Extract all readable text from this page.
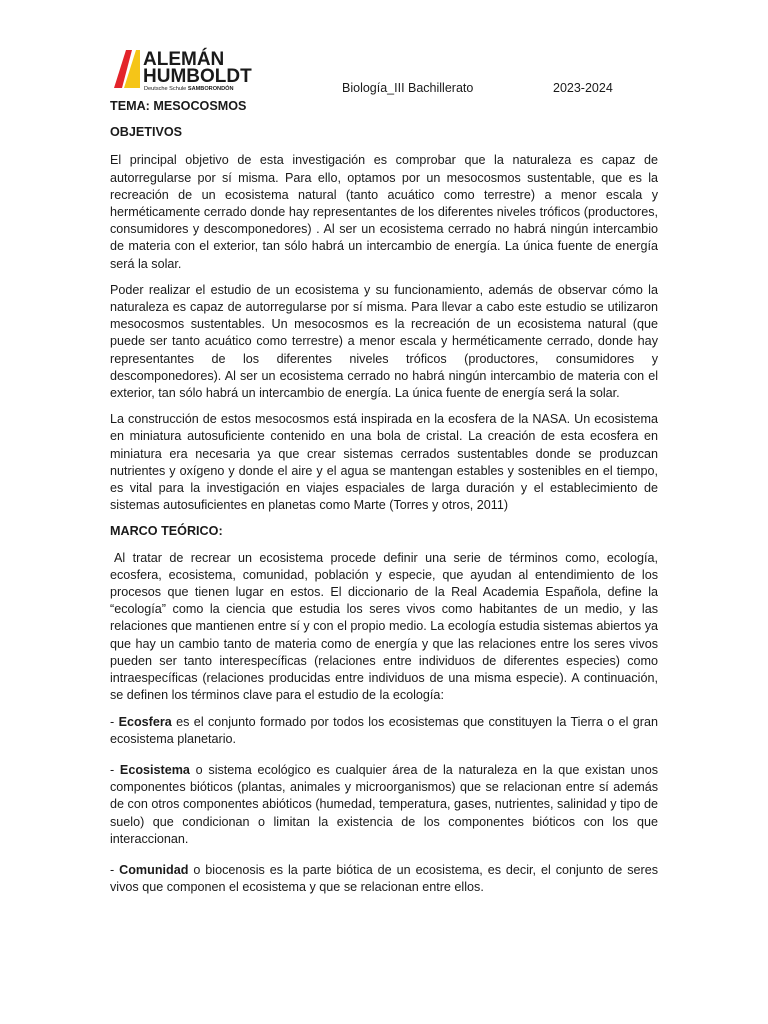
ALEMÁN
HUMBOLDT
Deutsche Schule SAMBORONDÓN	Biología_III Bachillerato	2023-2024
TEMA: MESOCOSMOS
OBJETIVOS

El principal objetivo de esta investigación es comprobar que la naturaleza es capaz de autorregularse por sí misma. Para ello, optamos por un mesocosmos sustentable, que es la recreación de un ecosistema natural (tanto acuático como terrestre) a menor escala y herméticamente cerrado donde hay representantes de los diferentes niveles tróficos (productores, consumidores y descomponedores) . Al ser un ecosistema cerrado no habrá ningún intercambio de materia con el exterior, tan sólo habrá un intercambio de energía. La única fuente de energía será la solar.

Poder realizar el estudio de un ecosistema y su funcionamiento, además de observar cómo la naturaleza es capaz de autorregularse por sí misma. Para llevar a cabo este estudio se utilizaron mesocosmos sustentables. Un mesocosmos es la recreación de un ecosistema natural (que puede ser tanto acuático como terrestre) a menor escala y herméticamente cerrado, donde hay representantes de los diferentes niveles tróficos (productores, consumidores y descomponedores). Al ser un ecosistema cerrado no habrá ningún intercambio de materia con el exterior, tan sólo habrá un intercambio de energía. La única fuente de energía será la solar.

La construcción de estos mesocosmos está inspirada en la ecosfera de la NASA. Un ecosistema en miniatura autosuficiente contenido en una bola de cristal. La creación de esta ecosfera en miniatura era necesaria ya que crear sistemas cerrados sustentables donde se produzcan nutrientes y oxígeno y donde el aire y el agua se mantengan estables y sostenibles en el tiempo, es vital para la investigación en viajes espaciales de larga duración y el establecimiento de sistemas autosuficientes en planetas como Marte (Torres y otros, 2011)

MARCO TEÓRICO:

Al tratar de recrear un ecosistema procede definir una serie de términos como, ecología, ecosfera, ecosistema, comunidad, población y especie, que ayudan al entendimiento de los procesos que tienen lugar en estos. El diccionario de la Real Academia Española, define la “ecología” como la ciencia que estudia los seres vivos como habitantes de un medio, y las relaciones que mantienen entre sí y con el propio medio. La ecología estudia sistemas abiertos ya que hay un cambio tanto de materia como de energía y que las relaciones entre los seres vivos pueden ser tanto interespecíficas (relaciones entre individuos de diferentes especies) como intraespecíficas (relaciones producidas entre individuos de una misma especie). A continuación, se definen los términos clave para el estudio de la ecología:

- Ecosfera es el conjunto formado por todos los ecosistemas que constituyen la Tierra o el gran ecosistema planetario.

- Ecosistema o sistema ecológico es cualquier área de la naturaleza en la que existan unos componentes bióticos (plantas, animales y microorganismos) que se relacionan entre sí además de con otros componentes abióticos (humedad, temperatura, gases, nutrientes, salinidad y tipo de suelo) que condicionan o limitan la existencia de los componentes bióticos con los que interaccionan.

- Comunidad o biocenosis es la parte biótica de un ecosistema, es decir, el conjunto de seres vivos que componen el ecosistema y que se relacionan entre ellos.
